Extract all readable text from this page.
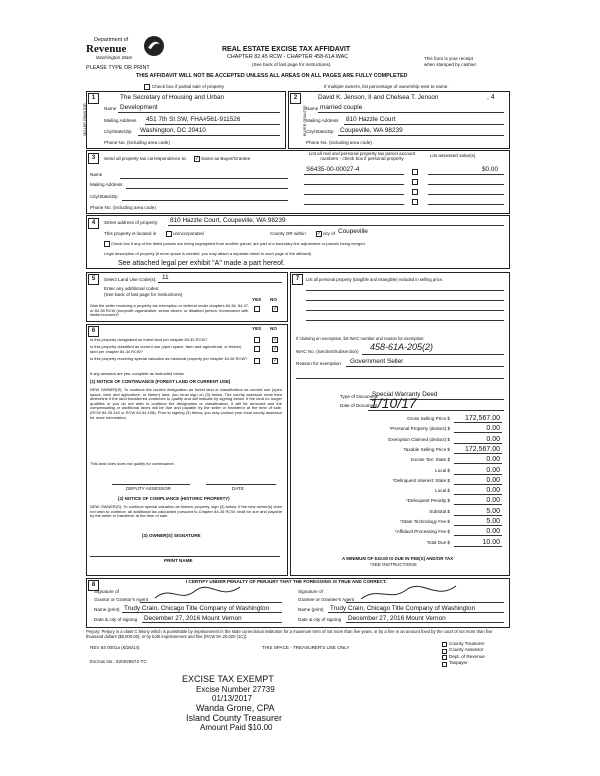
Department of
Revenue
Washington State
PLEASE TYPE OR PRINT
REAL ESTATE EXCISE TAX AFFIDAVIT
CHAPTER 82.45 RCW - CHAPTER 458-61A WAC
(See back of last page for instructions)
This form is your receipt
when stamped by cashier.
THIS AFFIDAVIT WILL NOT BE ACCEPTED UNLESS ALL AREAS ON ALL PAGES ARE FULLY COMPLETED
Check box if partial sale of property	If multiple owners, list percentage of ownership next to name.
1
SELLER GRANTOR
The Secretary of Housing and Urban
Name Development
Mailing Address 451 7th St SW, FHA#561-911526
City/State/Zip Washington, DC 20410
Phone No. (including area code)
2
BUYER GRANTEE
David K. Jenson, II and Chelsea T. Jenson	, 4
Name married couple
Mailing Address 810 Hazzle Court
City/State/Zip Coupeville, WA 98239
Phone No. (including area code)
3	Send all property tax correspondence to: ✓ Same as Buyer/Grantee
List all real and personal property tax parcel account numbers - check box if personal property
List assessed value(s)
S6435-00-00027-4	$0.00
Name
Mailing Address
City/State/Zip
Phone No. (including area code)
4	Street address of property: 810 Hazzle Court, Coupeville, WA 98239
This property is located in	unincorporated	County OR within ✓ city of Coupeville
Check box if any of the listed parcels are being segregated from another parcel, are part of a boundary line adjustment or parcels being merged.
Legal description of property (if more space is needed, you may attach a separate sheet to each page of the affidavit)
See attached legal per exhibit "A" made a part hereof.
5	Select Land Use Code(s): 11
Enter any additional codes:
(See back of last page for instructions)
YES NO
Was the seller receiving a property tax exemption or deferral under chapters 84.36, 84.37, or 84.38 RCW (nonprofit organization, senior citizen, or disabled person, homeowner with limited income)?
✓
6	YES NO
Is this property designated as forest land per chapter 84.33 RCW?	✓
Is this property classified as current use (open space, farm and agricultural, or timber) land per chapter 84.34 RCW?	✓
Is this property receiving special valuation as historical property per chapter 84.26 RCW?	✓
If any answers are yes, complete as instructed below.
(1) NOTICE OF CONTINUANCE (FOREST LAND OR CURRENT USE)
NEW OWNER(S): To continue the current designation as forest land or classification as current use (open space, farm and agriculture, or timber) land, you must sign on (3) below. The county assessor must then determine if the land transferred continues to qualify and will indicate by signing below. If the land no longer qualifies or you do not wish to continue the designation or classification, it will be removed and the compensating or additional taxes will be due and payable by the seller or transferor at the time of sale. (RCW 84.33.140 or RCW 84.34.108). Prior to signing (3) below, you may contact your local county assessor for more information.
This land does does not qualify for continuance.
DEPUTY ASSESSOR	DATE
(2) NOTICE OF COMPLIANCE (HISTORIC PROPERTY)
NEW OWNER(S): To continue special valuation as historic property, sign (3) below. If the new owner(s) does not wish to continue, all additional tax calculated pursuant to Chapter 84.26 RCW, shall be due and payable by the seller or transferor at the time of sale.
(3) OWNER(S) SIGNATURE
PRINT NAME
7	List all personal property (tangible and intangible) included in selling price.
If claiming an exemption, list WAC number and reason for exemption:
WAC No. (Section/Subsection) 458-61A-205(2)
Reason for exemption Government Seller
Type of Document
Special Warranty Deed
Date of Document
1/10/17
Gross Selling Price $	172,567.00
*Personal Property (deduct) $	0.00
Exemption Claimed (deduct) $	0.00
Taxable Selling Price $	172,567.00
Excise Tax: State $	0.00
Local $	0.00
*Delinquent Interest: State $	0.00
Local $	0.00
*Delinquent Penalty $	0.00
Subtotal $	5.00
*State Technology Fee $	5.00
*Affidavit Processing Fee $	0.00
Total Due $	10.00
A MINIMUM OF $10.00 IS DUE IN FEE(S) AND/OR TAX
*SEE INSTRUCTIONS
8
I CERTIFY UNDER PENALTY OF PERJURY THAT THE FOREGOING IS TRUE AND CORRECT.
Signature of
Grantor or Grantor's Agent
Name (print) Trudy Crain, Chicago Title Company of Washington
Date & city of signing December 27, 2016 Mount Vernon
Signature of
Grantee or Grantee's Agent
Name (print) Trudy Crain, Chicago Title Company of Washington
Date & city of signing December 27, 2016 Mount Vernon
Perjury: Perjury is a class C felony which is punishable by imprisonment in the state correctional institution for a maximum term of not more than five years, or by a fine in an amount fixed by the court of not more than five thousand dollars ($5,000.00), or by both imprisonment and fine (RCW 9A.20.020 (1C)).
REV 84 0001a (6/26/14)	THIS SPACE - TREASURER'S USE ONLY
Escrow No.: 620029572-TC
County Treasurer
County Assessor
Dept. of Revenue
Taxpayer
EXCISE TAX EXEMPT
Excise Number 27739
01/13/2017
Wanda Grone, CPA
Island County Treasurer
Amount Paid $10.00
